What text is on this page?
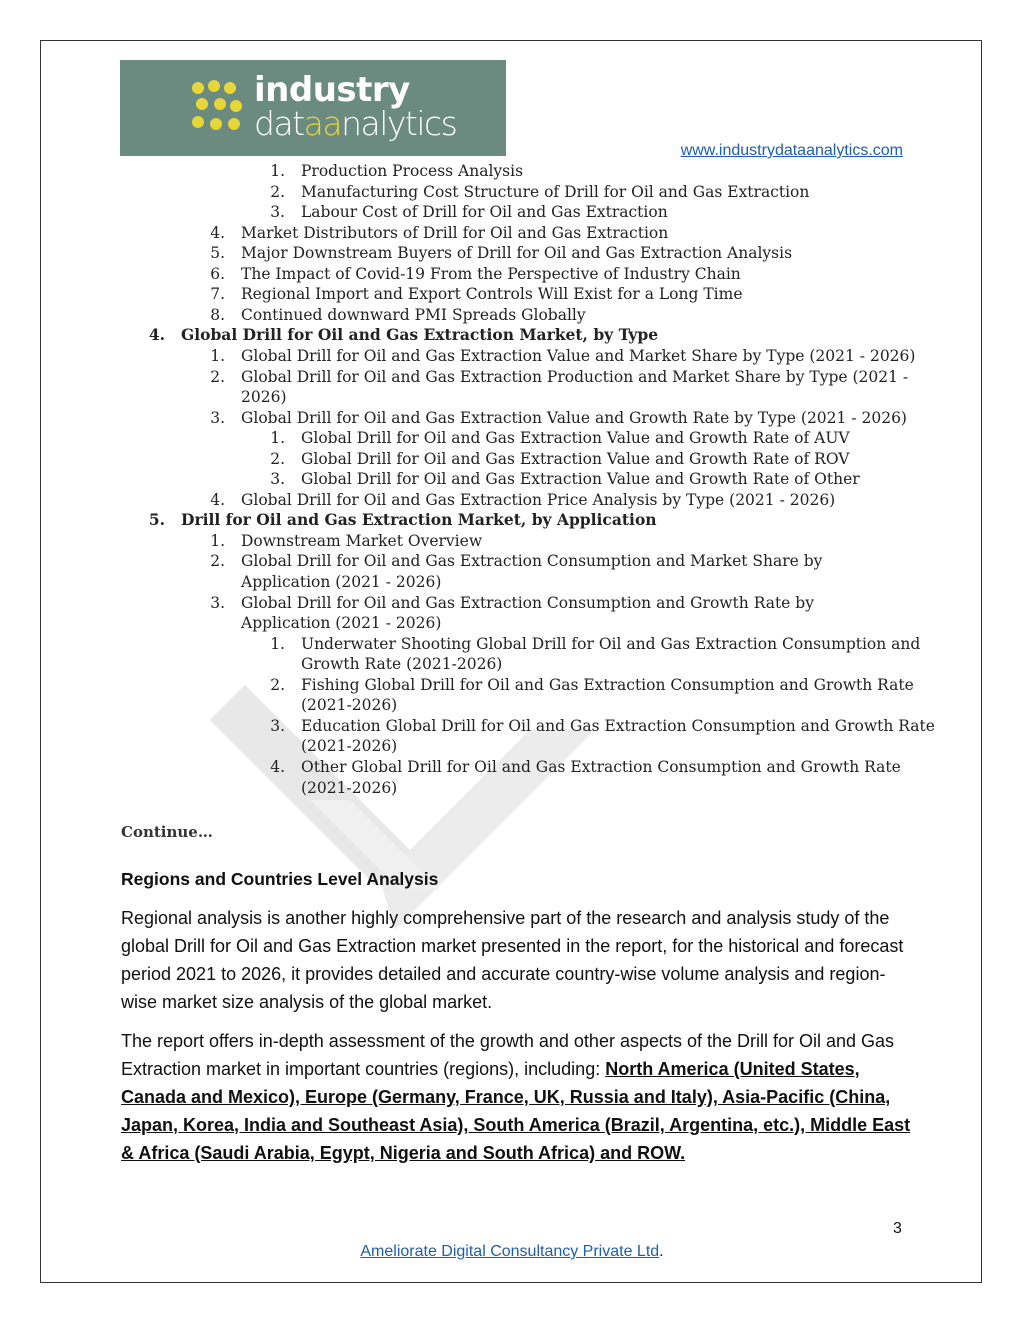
industry
dataanalytics
www.industrydataanalytics.com
1. Production Process Analysis
2. Manufacturing Cost Structure of Drill for Oil and Gas Extraction
3. Labour Cost of Drill for Oil and Gas Extraction
4. Market Distributors of Drill for Oil and Gas Extraction
5. Major Downstream Buyers of Drill for Oil and Gas Extraction Analysis
6. The Impact of Covid-19 From the Perspective of Industry Chain
7. Regional Import and Export Controls Will Exist for a Long Time
8. Continued downward PMI Spreads Globally
4. Global Drill for Oil and Gas Extraction Market, by Type
1. Global Drill for Oil and Gas Extraction Value and Market Share by Type (2021 - 2026)
2. Global Drill for Oil and Gas Extraction Production and Market Share by Type (2021 -
2026)
3. Global Drill for Oil and Gas Extraction Value and Growth Rate by Type (2021 - 2026)
1. Global Drill for Oil and Gas Extraction Value and Growth Rate of AUV
2. Global Drill for Oil and Gas Extraction Value and Growth Rate of ROV
3. Global Drill for Oil and Gas Extraction Value and Growth Rate of Other
4. Global Drill for Oil and Gas Extraction Price Analysis by Type (2021 - 2026)
5. Drill for Oil and Gas Extraction Market, by Application
1. Downstream Market Overview
2. Global Drill for Oil and Gas Extraction Consumption and Market Share by
Application (2021 - 2026)
3. Global Drill for Oil and Gas Extraction Consumption and Growth Rate by
Application (2021 - 2026)
1. Underwater Shooting Global Drill for Oil and Gas Extraction Consumption and
Growth Rate (2021-2026)
2. Fishing Global Drill for Oil and Gas Extraction Consumption and Growth Rate
(2021-2026)
3. Education Global Drill for Oil and Gas Extraction Consumption and Growth Rate
(2021-2026)
4. Other Global Drill for Oil and Gas Extraction Consumption and Growth Rate
(2021-2026)
Continue…
Regions and Countries Level Analysis
Regional analysis is another highly comprehensive part of the research and analysis study of the global Drill for Oil and Gas Extraction market presented in the report, for the historical and forecast period 2021 to 2026, it provides detailed and accurate country-wise volume analysis and region-wise market size analysis of the global market.
The report offers in-depth assessment of the growth and other aspects of the Drill for Oil and Gas Extraction market in important countries (regions), including: North America (United States, Canada and Mexico), Europe (Germany, France, UK, Russia and Italy), Asia-Pacific (China, Japan, Korea, India and Southeast Asia), South America (Brazil, Argentina, etc.), Middle East & Africa (Saudi Arabia, Egypt, Nigeria and South Africa) and ROW.
3
Ameliorate Digital Consultancy Private Ltd.
